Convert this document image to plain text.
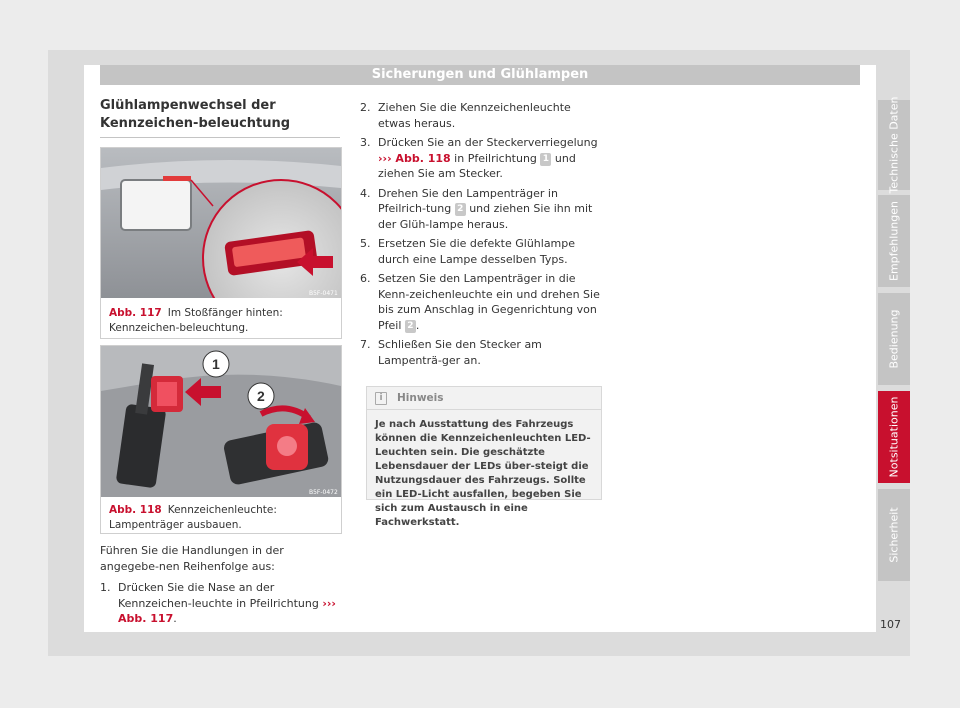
Sicherungen und Glühlampen
Glühlampenwechsel der Kennzeichen-beleuchtung
B5F-0471
Abb. 117 Im Stoßfänger hinten: Kennzeichen-beleuchtung.
1
2
B5F-0472
Abb. 118 Kennzeichenleuchte: Lampenträger ausbauen.
Führen Sie die Handlungen in der angegebe-nen Reihenfolge aus:
1. Drücken Sie die Nase an der Kennzeichen-leuchte in Pfeilrichtung ››› Abb. 117.
2. Ziehen Sie die Kennzeichenleuchte etwas heraus.
3. Drücken Sie an der Steckerverriegelung ››› Abb. 118 in Pfeilrichtung 1 und ziehen Sie am Stecker.
4. Drehen Sie den Lampenträger in Pfeilrich-tung 2 und ziehen Sie ihn mit der Glüh-lampe heraus.
5. Ersetzen Sie die defekte Glühlampe durch eine Lampe desselben Typs.
6. Setzen Sie den Lampenträger in die Kenn-zeichenleuchte ein und drehen Sie bis zum Anschlag in Gegenrichtung von Pfeil 2 .
7. Schließen Sie den Stecker am Lampenträ-ger an.
i	Hinweis
Je nach Ausstattung des Fahrzeugs können die Kennzeichenleuchten LED-Leuchten sein. Die geschätzte Lebensdauer der LEDs über-steigt die Nutzungsdauer des Fahrzeugs. Sollte ein LED-Licht ausfallen, begeben Sie sich zum Austausch in eine Fachwerkstatt.
Technische Daten
Empfehlungen
Bedienung
Notsituationen
Sicherheit
107
